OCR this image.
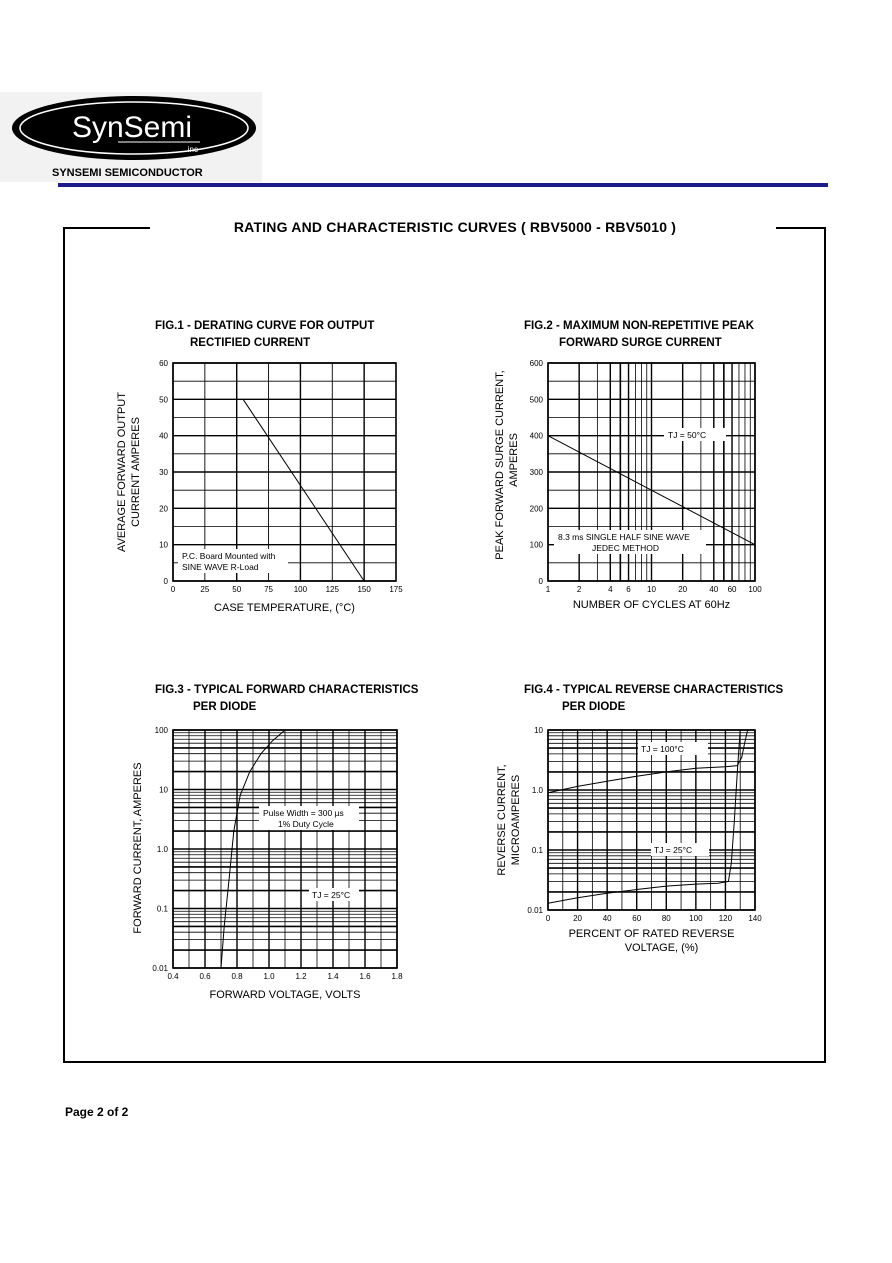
SynSemi
inc
SYNSEMI SEMICONDUCTOR
RATING AND CHARACTERISTIC CURVES ( RBV5000 - RBV5010 )
FIG.1 - DERATING CURVE FOR OUTPUT
RECTIFIED CURRENT
FIG.2 - MAXIMUM NON-REPETITIVE PEAK
FORWARD SURGE CURRENT
FIG.3 - TYPICAL FORWARD CHARACTERISTICS
PER DIODE
FIG.4 - TYPICAL REVERSE CHARACTERISTICS
PER DIODE
0	25	50	75	100 125 150 175
0
10
20
30
40
50
60
1	2	4 6 10	20	40 60 100
0
100
200
300
400
500
600
0.4	0.6	0.8	1.0	1.2	1.4	1.6	1.8
0.01
0.1
1.0
10
100
0	20	40	60	80 100 120 140
0.01
0.1
1.0
10
CASE TEMPERATURE, (°C)
AVERAGE FORWARD OUTPUT CURRENT AMPERES
P.C. Board Mounted with
SINE WAVE R-Load
NUMBER OF CYCLES AT 60Hz
PEAK FORWARD SURGE CURRENT, AMPERES	TJ = 50°C
8.3 ms SINGLE HALF SINE WAVE
JEDEC METHOD
FORWARD VOLTAGE, VOLTS
FORWARD CURRENT, AMPERES	Pulse Width = 300 µs
1% Duty Cycle
TJ = 25°C
PERCENT OF RATED REVERSE
VOLTAGE, (%)
REVERSE CURRENT, MICROAMPERES
TJ = 100°C
TJ = 25°C
Page 2 of 2
